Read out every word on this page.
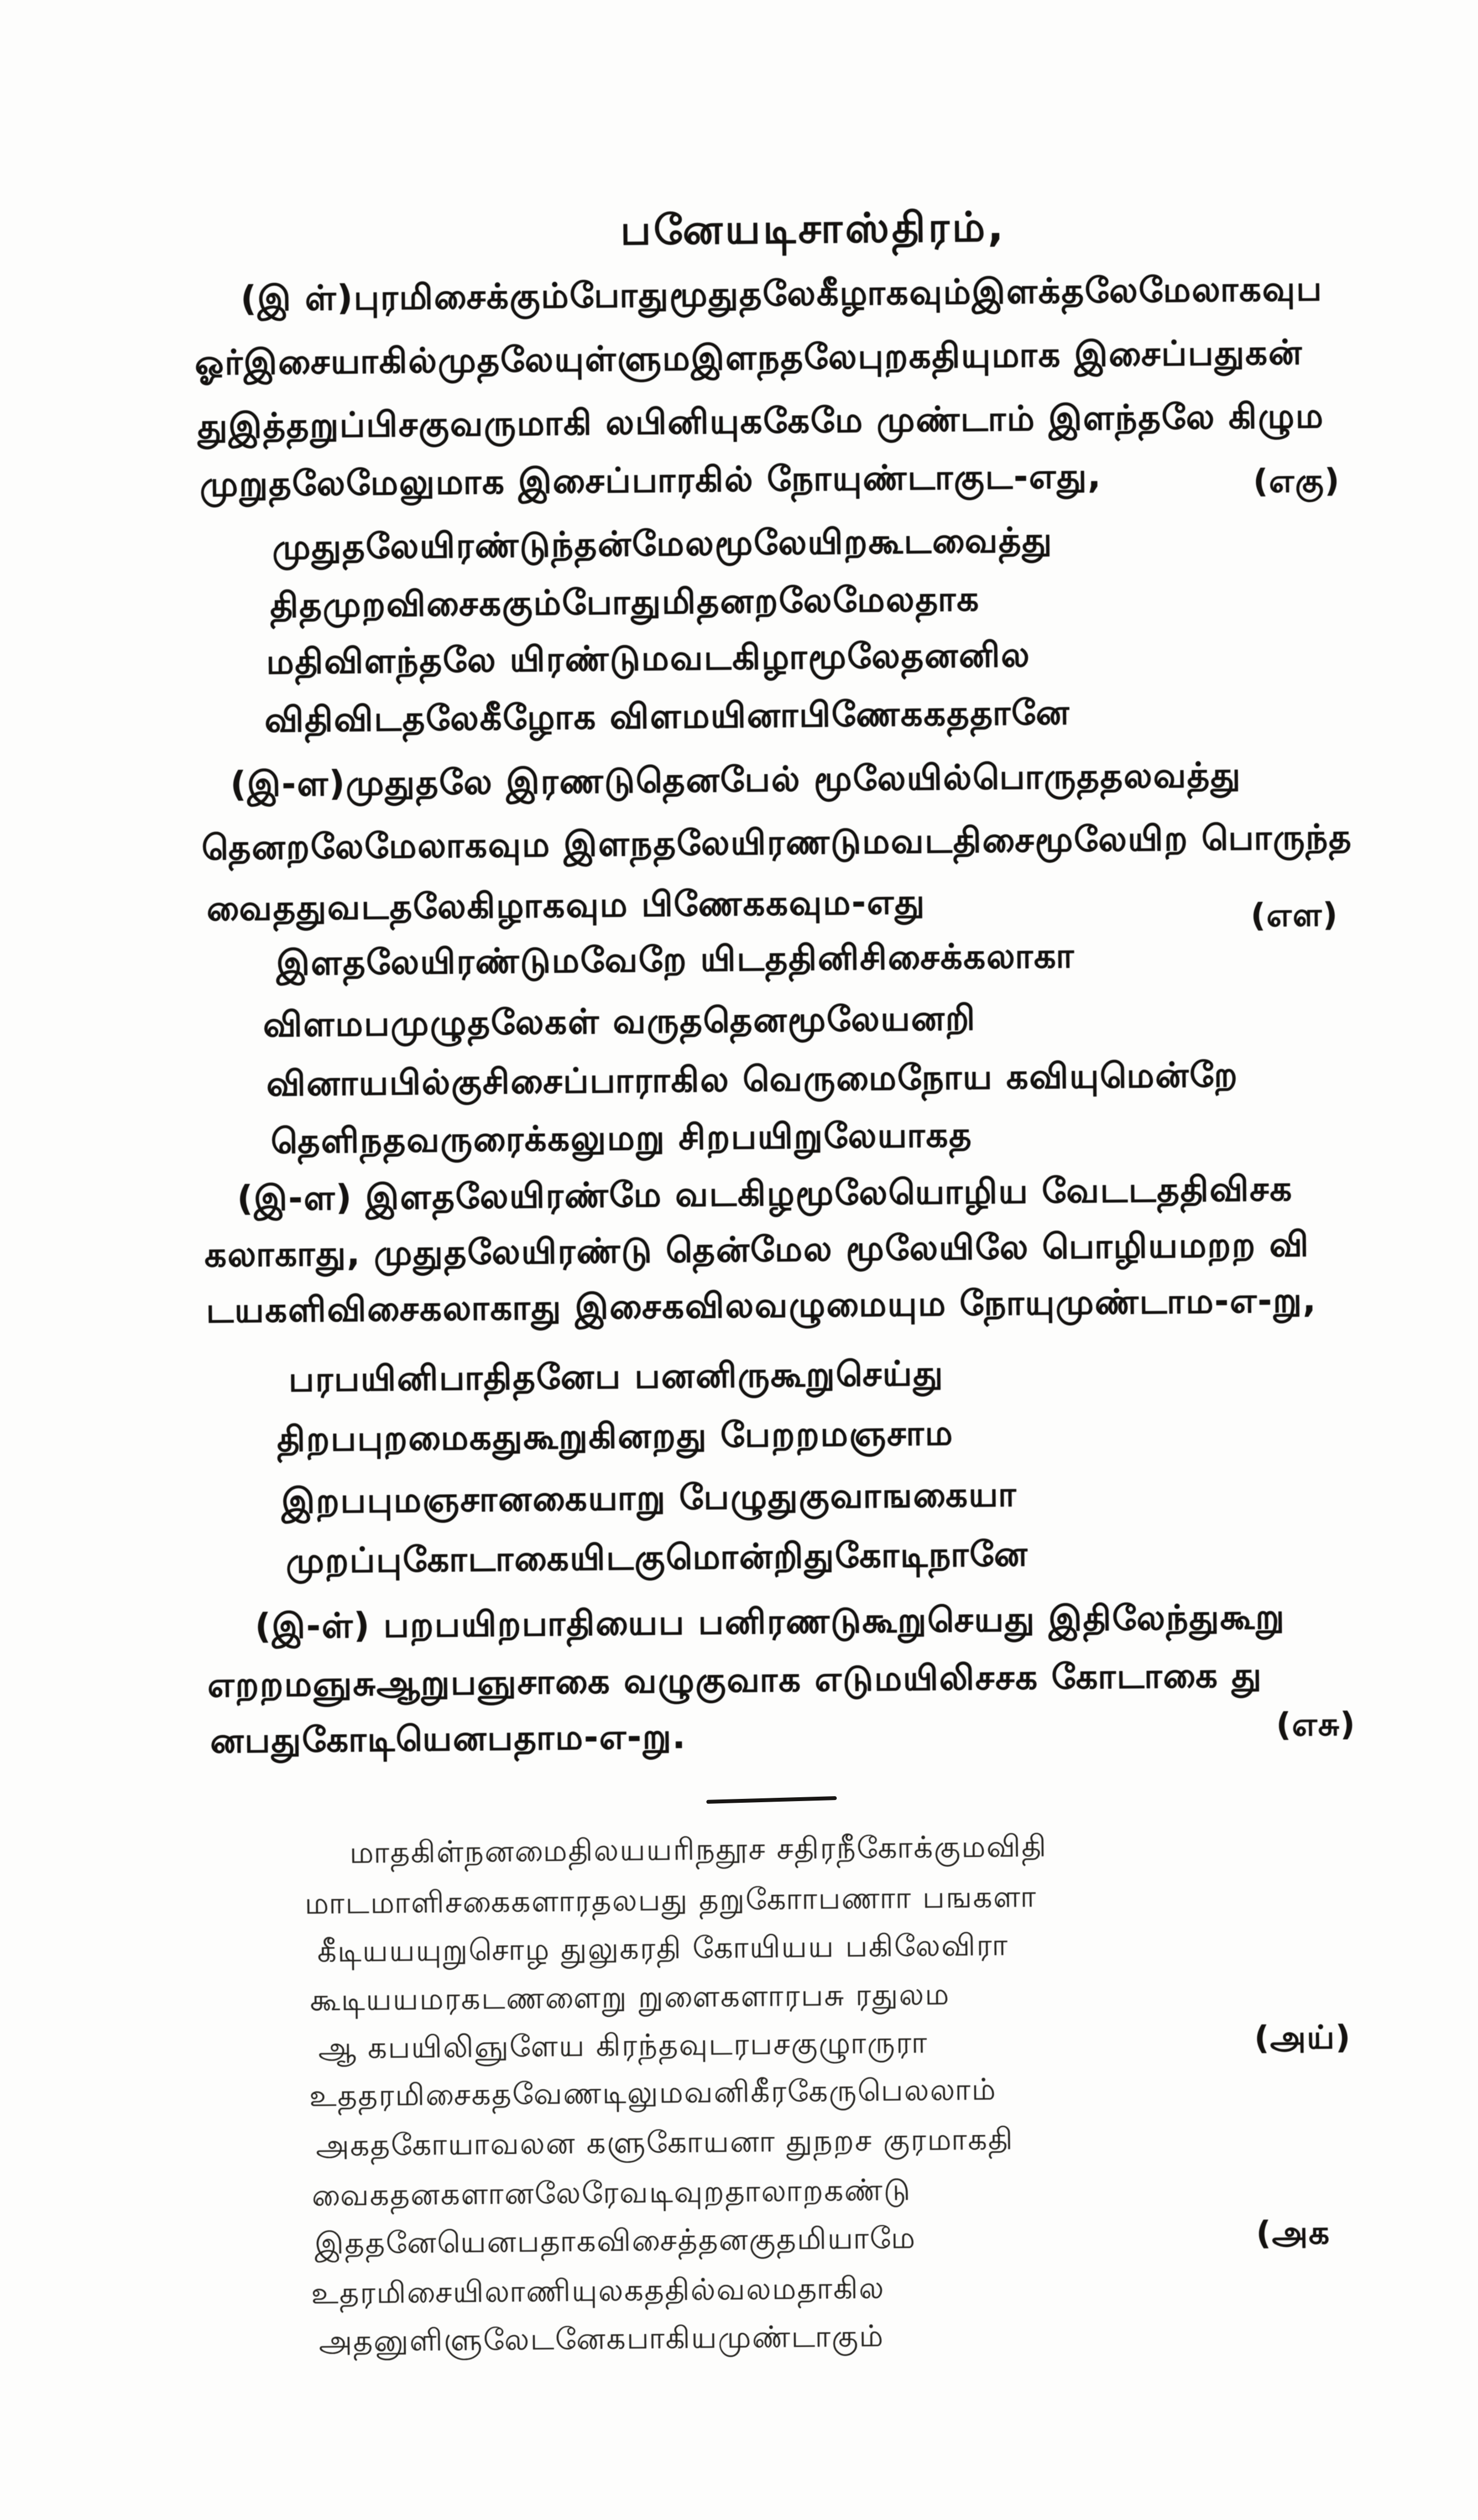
பனேயடிசாஸ்திரம்,
(இ ள்)புரமிசைக்கும்போதுமூதுதலேகீழாகவும்இளக்தலேமேலாகவுப
ஓர்இசையாகில்முதலேயுள்ளுமஇளநதலேபுறகதியுமாக இசைப்பதுகன்
துஇத்தறுப்பிசகுவருமாகி லபினியுககேமே முண்டாம் இளந்தலே கிழும
முறுதலேமேலுமாக இசைப்பாரகில் நோயுண்டாகுட-எது,	(எகு)
முதுதலேயிரண்டுந்தன்மேலமூலேயிறகூடவைத்து
திதமுறவிசைககும்போதுமிதனறலேமேலதாக
மதிவிளந்தலே யிரண்டுமவடகிழாமூலேதனனில
விதிவிடதலேகீழோக விளமயினாபிணேககததானே
(இ-ள)முதுதலே இரணடுதெனபேல் மூலேயில்பொருததலவத்து
தெனறலேமேலாகவும இளநதலேயிரணடுமவடதிசைமூலேயிற பொருந்த
வைததுவடதலேகிழாகவும பிணேககவும-எது	(எள)
இளதலேயிரண்டுமவேறே யிடததினிசிசைக்கலாகா
விளமபமுழுதலேகள் வருததெனமூலேயனறி
வினாயபில்குசிசைப்பாராகில வெருமைநோய கவியுமென்றே
தெளிநதவருரைக்கலுமறு சிறபயிறுலேயாகத
(இ-ள) இளதலேயிரண்மே வடகிழமூலேயொழிய வேடடததிவிசக
கலாகாது, முதுதலேயிரண்டு தென்மேல மூலேயிலே பொழியமறற வி
டயகளிவிசைகலாகாது இசைகவிலவழுமையும நோயுமுண்டாம-எ-று,
பரபயினிபாதிதனேப பனனிருகூறுசெய்து
திறபபுறமைகதுகூறுகினறது பேறறமஞசாம
இறபபுமஞசானகையாறு பேழுதுகுவாஙகையா
முறப்புகோடாகையிடகுமொன்றிதுகோடிநானே
(இ-ள்) பறபயிறபாதியைப பனிரணடுகூறுசெயது இதிலேந்துகூறு
எறறமஞுசுஆறுபஞுசாகை வழுகுவாக எடுமயிலிசசக கோடாகை து
னபதுகோடியெனபதாம-எ-று.	(எசு)
மாதகிள்நனமைதிலயயரிநதூச சதிரநீகோக்குமவிதி
மாடமாளிசகைகளாரதலபது தறுகோாபணாா பஙகளா
கீடியயயுறுசொழ துலுகரதி கோயியய பகிலேவிரா
கூடியயமரகடணளைறு றுளைகளாரபசு ரதுலம
ஆ கபயிலிஞுளேய கிரந்தவுடரபசகுழுாருரா	(அய்)
உததரமிசைகதவேணடிலுமவனிகீரகேருபெலலாம்
அகதகோயாவலன களுகோயனா துநறச குரமாகதி
வைகதனகளானலேரேவடிவுறதாலாறகண்டு
இததனேயெனபதாகவிசைத்தனகுதமியாமே	(அக
உதரமிசையிலாணியுலகததில்வலமதாகில
அதனுளிளுலேடனேகபாகியமுண்டாகும்
